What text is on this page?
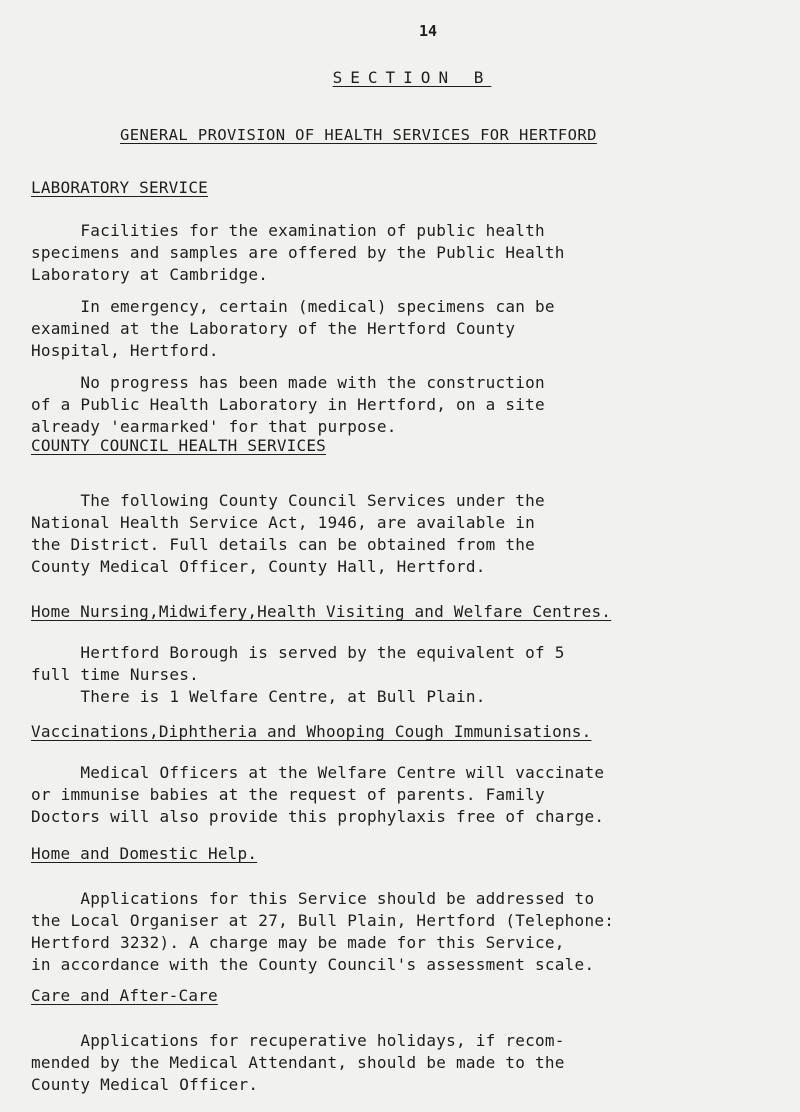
14
SECTION B
GENERAL PROVISION OF HEALTH SERVICES FOR HERTFORD
LABORATORY SERVICE
Facilities for the examination of public health
specimens and samples are offered by the Public Health
Laboratory at Cambridge.
In emergency, certain (medical) specimens can be
examined at the Laboratory of the Hertford County
Hospital, Hertford.
No progress has been made with the construction
of a Public Health Laboratory in Hertford, on a site
already 'earmarked' for that purpose.
COUNTY COUNCIL HEALTH SERVICES
The following County Council Services under the
National Health Service Act, 1946, are available in
the District. Full details can be obtained from the
County Medical Officer, County Hall, Hertford.
Home Nursing,Midwifery,Health Visiting and Welfare Centres.
Hertford Borough is served by the equivalent of 5
full time Nurses.
There is 1 Welfare Centre, at Bull Plain.
Vaccinations,Diphtheria and Whooping Cough Immunisations.
Medical Officers at the Welfare Centre will vaccinate
or immunise babies at the request of parents. Family
Doctors will also provide this prophylaxis free of charge.
Home and Domestic Help.
Applications for this Service should be addressed to
the Local Organiser at 27, Bull Plain, Hertford (Telephone:
Hertford 3232). A charge may be made for this Service,
in accordance with the County Council's assessment scale.
Care and After-Care
Applications for recuperative holidays, if recom-
mended by the Medical Attendant, should be made to the
County Medical Officer.
